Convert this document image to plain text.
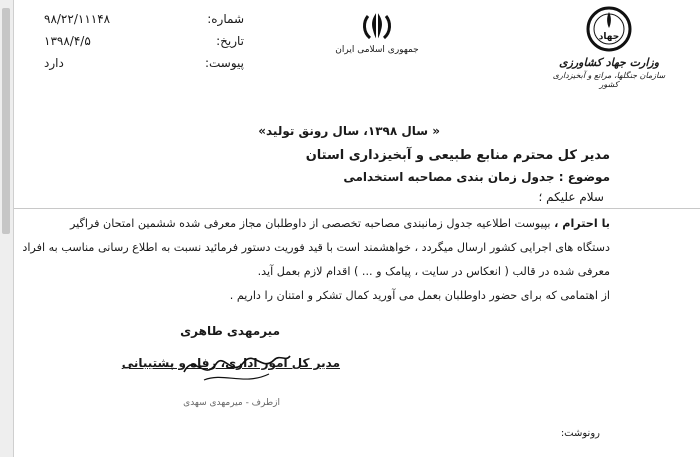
شماره:
۹۸/۲۲/۱۱۱۴۸
تاریخ:
۱۳۹۸/۴/۵
پیوست:
دارد
جمهوری اسلامی ایران
جهاد
وزارت جهاد کشاورزی
سازمان جنگلها، مراتع و آبخیزداری کشور
« سال ۱۳۹۸، سال رونق تولید»
مدیر کل محترم منابع طبیعی و آبخیزداری استان
موضوع : جدول زمان بندی مصاحبه استخدامی
سلام علیکم ؛

با احترام ، بپیوست اطلاعیه جدول زمانبندی مصاحبه تخصصی از داوطلبان مجاز معرفی شده ششمین امتحان فراگیر

دستگاه های اجرایی کشور ارسال میگردد ، خواهشمند است با قید فوریت دستور فرمائید نسبت به اطلاع رسانی مناسب به افراد

معرفی شده در قالب ( انعکاس در سایت ، پیامک و ... ) اقدام لازم بعمل آید.

از اهتمامی که برای حضور داوطلبان بعمل می آورید کمال تشکر و امتنان را داریم .

میرمهدی طاهری
مدیر کل امور اداری، رفاه و پشتیبانی
ازطرف - میرمهدی سهدی
رونوشت:
